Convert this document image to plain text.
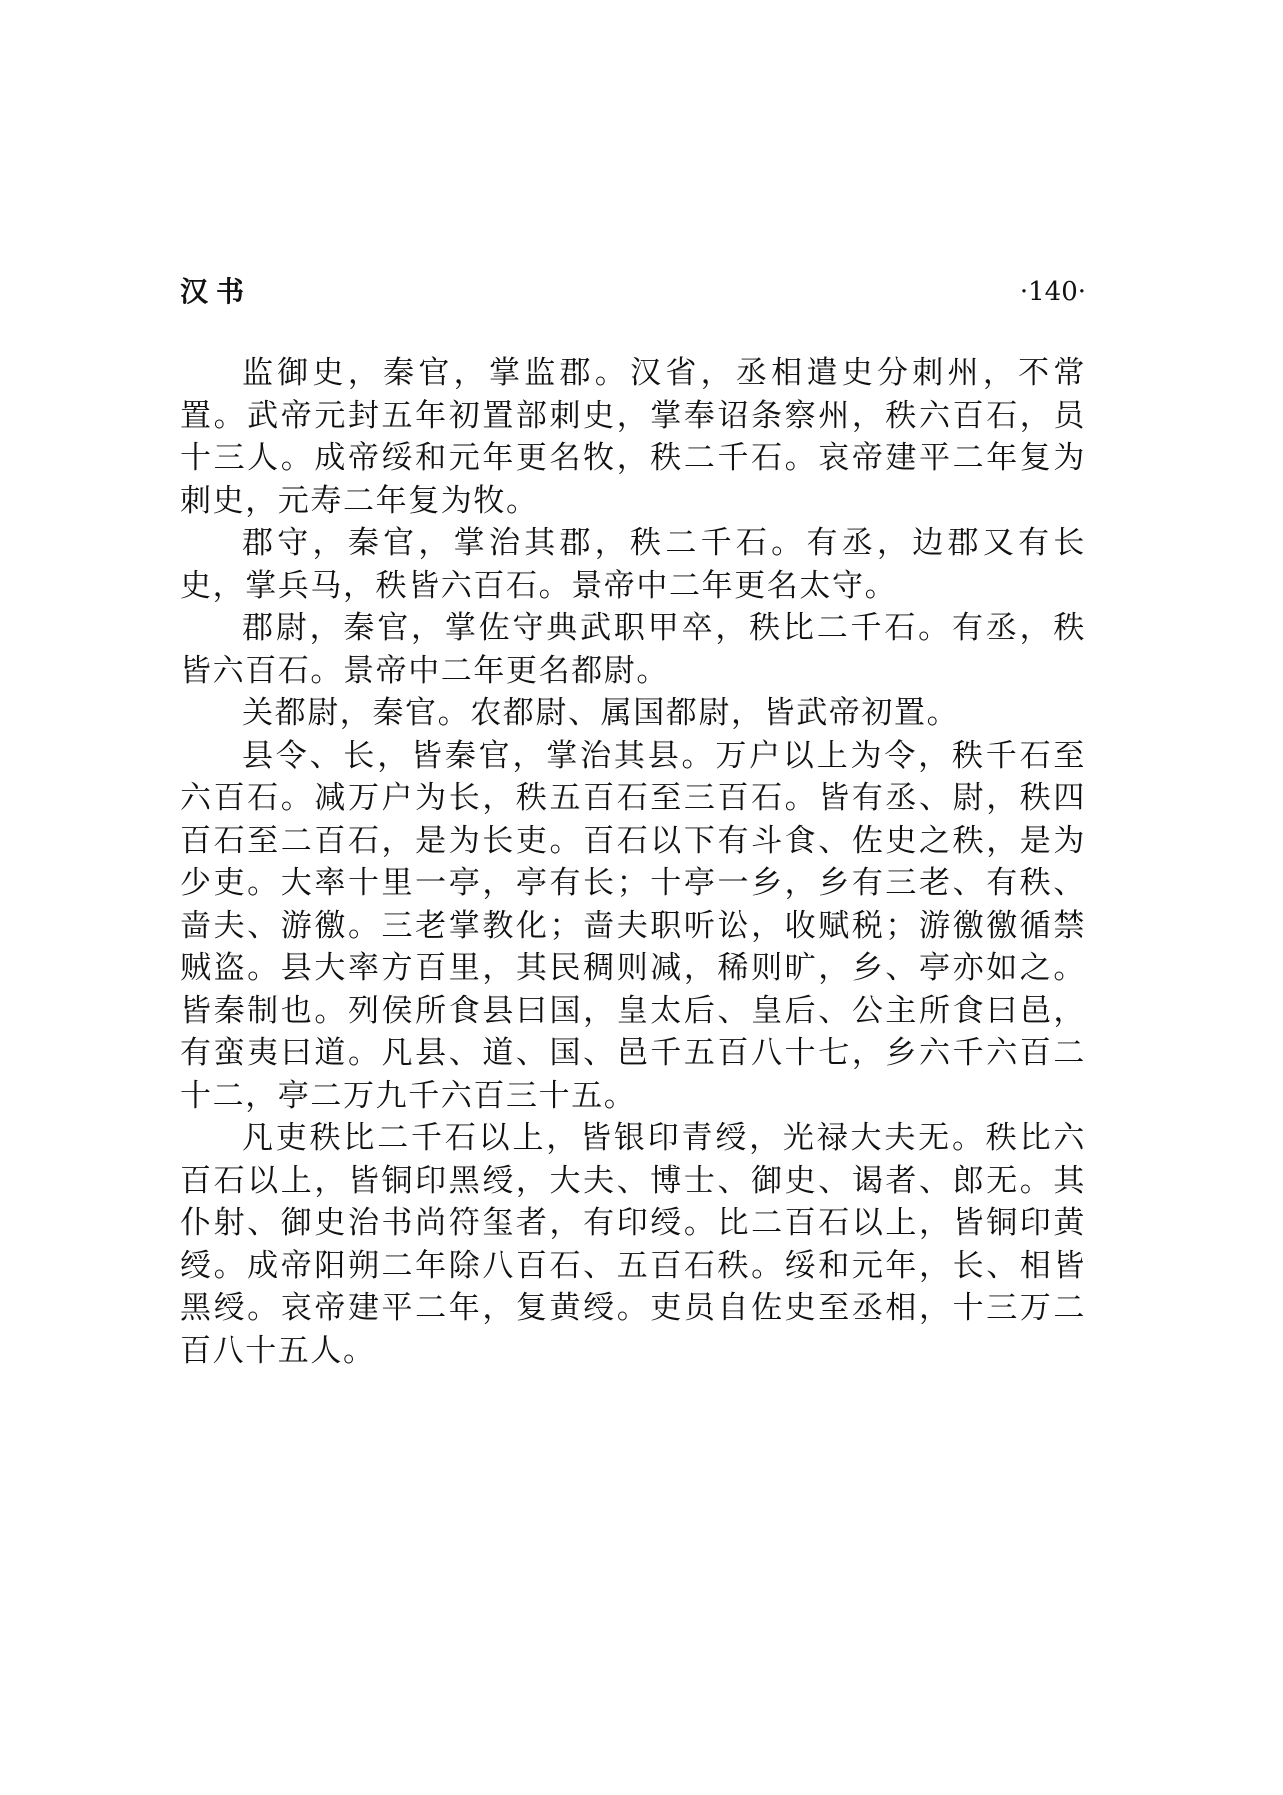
汉书	·140·

监御史，秦官，掌监郡。汉省，丞相遣史分刺州，不常置。武帝元封五年初置部刺史，掌奉诏条察州，秩六百石，员十三人。成帝绥和元年更名牧，秩二千石。哀帝建平二年复为刺史，元寿二年复为牧。

郡守，秦官，掌治其郡，秩二千石。有丞，边郡又有长史，掌兵马，秩皆六百石。景帝中二年更名太守。

郡尉，秦官，掌佐守典武职甲卒，秩比二千石。有丞，秩皆六百石。景帝中二年更名都尉。

关都尉，秦官。农都尉、属国都尉，皆武帝初置。

县令、长，皆秦官，掌治其县。万户以上为令，秩千石至六百石。减万户为长，秩五百石至三百石。皆有丞、尉，秩四百石至二百石，是为长吏。百石以下有斗食、佐史之秩，是为少吏。大率十里一亭，亭有长；十亭一乡，乡有三老、有秩、啬夫、游徼。三老掌教化；啬夫职听讼，收赋税；游徼徼循禁贼盗。县大率方百里，其民稠则减，稀则旷，乡、亭亦如之。皆秦制也。列侯所食县曰国，皇太后、皇后、公主所食曰邑，有蛮夷曰道。凡县、道、国、邑千五百八十七，乡六千六百二十二，亭二万九千六百三十五。

凡吏秩比二千石以上，皆银印青绶，光禄大夫无。秩比六百石以上，皆铜印黑绶，大夫、博士、御史、谒者、郎无。其仆射、御史治书尚符玺者，有印绶。比二百石以上，皆铜印黄绶。成帝阳朔二年除八百石、五百石秩。绥和元年，长、相皆黑绶。哀帝建平二年，复黄绶。吏员自佐史至丞相，十三万二百八十五人。
